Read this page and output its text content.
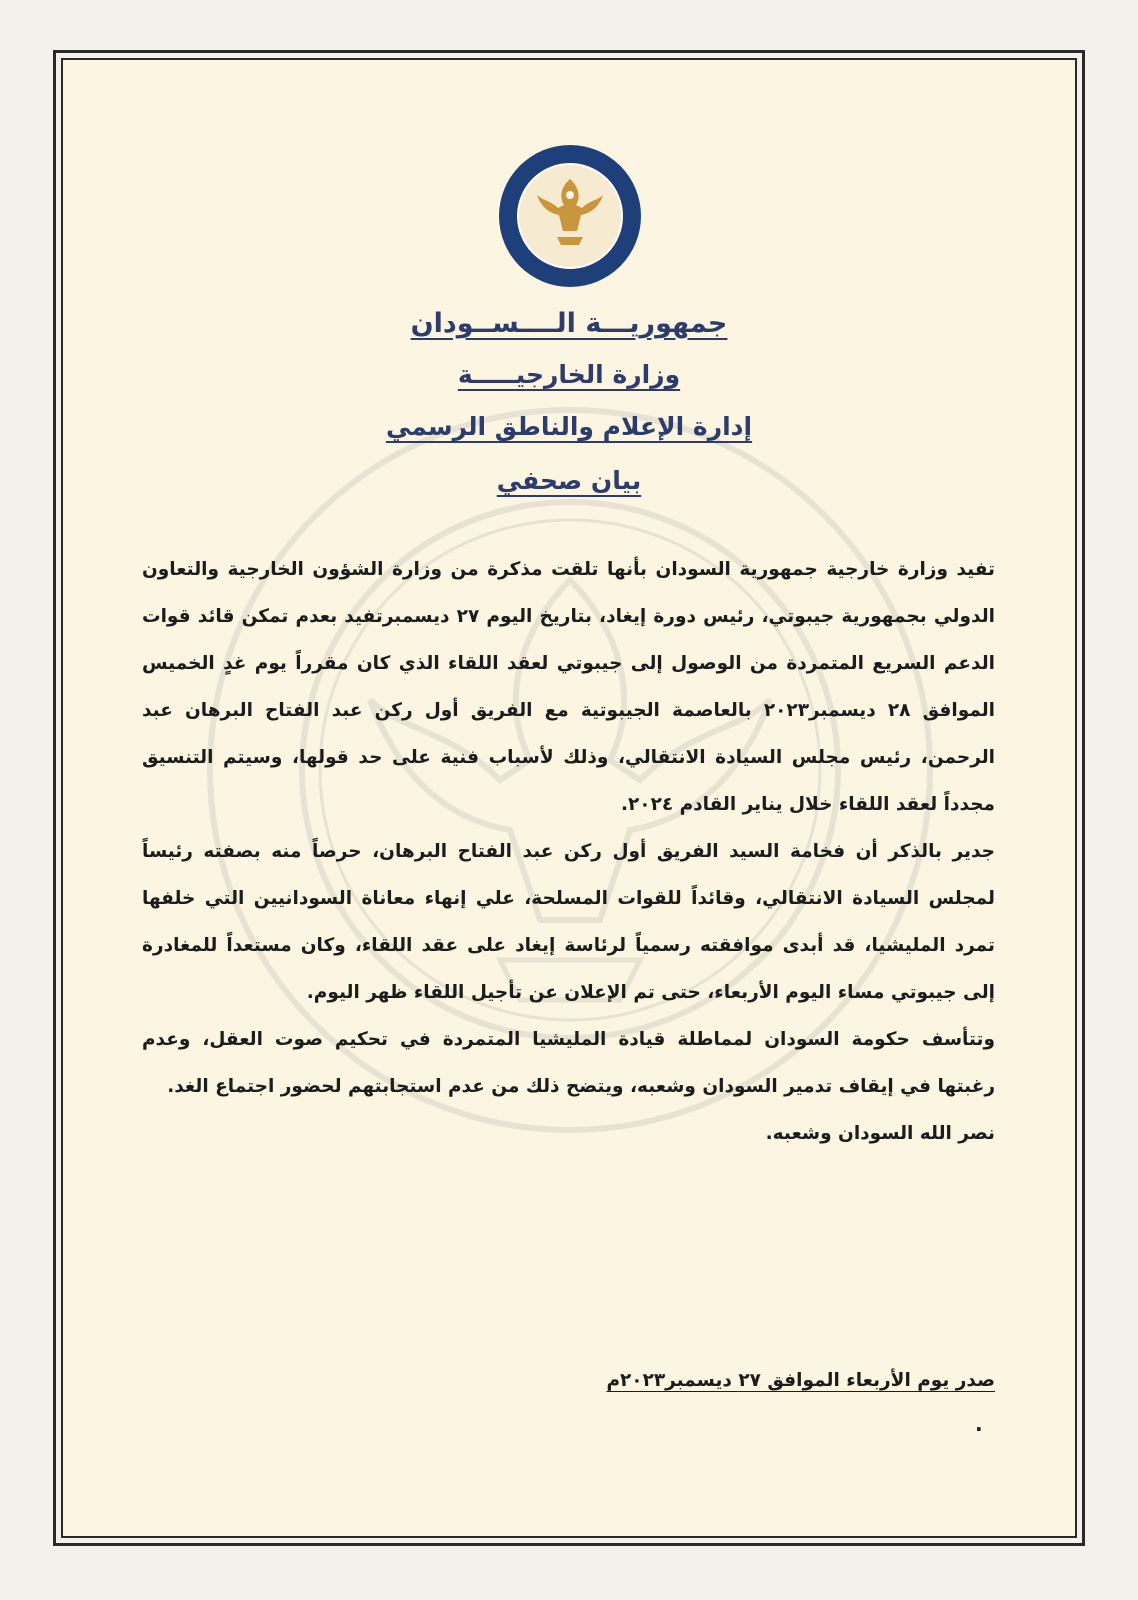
جمهوريـــة الــــســودان
وزارة الخارجيـــــة
إدارة الإعلام والناطق الرسمي
بيان صحفي

تفيد وزارة خارجية جمهورية السودان بأنها تلقت مذكرة من وزارة الشؤون الخارجية والتعاون الدولي بجمهورية جيبوتي، رئيس دورة إيغاد، بتاريخ اليوم ٢٧ ديسمبرتفيد بعدم تمكن قائد قوات الدعم السريع المتمردة من الوصول إلى جيبوتي لعقد اللقاء الذي كان مقرراً يوم غدٍ الخميس الموافق ٢٨ ديسمبر٢٠٢٣ بالعاصمة الجيبوتية مع الفريق أول ركن عبد الفتاح البرهان عبد الرحمن، رئيس مجلس السيادة الانتقالي، وذلك لأسباب فنية على حد قولها، وسيتم التنسيق مجدداً لعقد اللقاء خلال يناير القادم ٢٠٢٤.

جدير بالذكر أن فخامة السيد الفريق أول ركن عبد الفتاح البرهان، حرصاً منه بصفته رئيساً لمجلس السيادة الانتقالي، وقائداً للقوات المسلحة، علي إنهاء معاناة السودانيين التي خلفها تمرد المليشيا، قد أبدى موافقته رسمياً لرئاسة إيغاد على عقد اللقاء، وكان مستعداً للمغادرة إلى جيبوتي مساء اليوم الأربعاء، حتى تم الإعلان عن تأجيل اللقاء ظهر اليوم.

وتتأسف حكومة السودان لمماطلة قيادة المليشيا المتمردة في تحكيم صوت العقل، وعدم رغبتها في إيقاف تدمير السودان وشعبه، ويتضح ذلك من عدم استجابتهم لحضور اجتماع الغد.

نصر الله السودان وشعبه.

صدر يوم الأربعاء الموافق ٢٧ ديسمبر٢٠٢٣م
.
